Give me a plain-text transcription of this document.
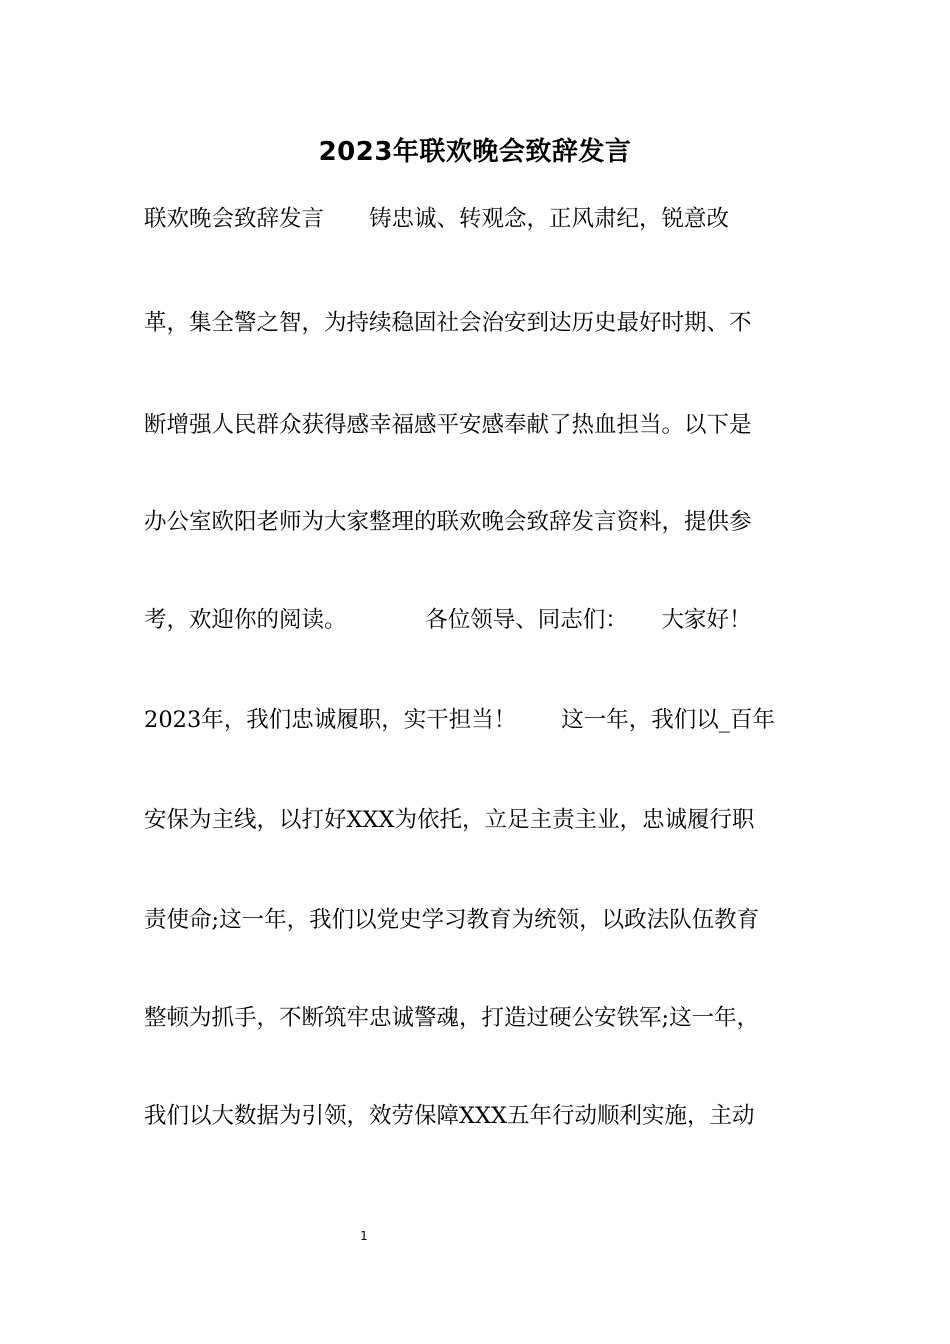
2023年联欢晚会致辞发言
联欢晚会致辞发言　　铸忠诚、转观念，正风肃纪，锐意改
革，集全警之智，为持续稳固社会治安到达历史最好时期、不
断增强人民群众获得感幸福感平安感奉献了热血担当。以下是
办公室欧阳老师为大家整理的联欢晚会致辞发言资料，提供参
考，欢迎你的阅读。　　　　各位领导、同志们：　　大家好！
2023年，我们忠诚履职，实干担当！　　这一年，我们以_百年
安保为主线，以打好XXX为依托，立足主责主业，忠诚履行职
责使命;这一年，我们以党史学习教育为统领，以政法队伍教育
整顿为抓手，不断筑牢忠诚警魂，打造过硬公安铁军;这一年，
我们以大数据为引领，效劳保障XXX五年行动顺利实施，主动
1
